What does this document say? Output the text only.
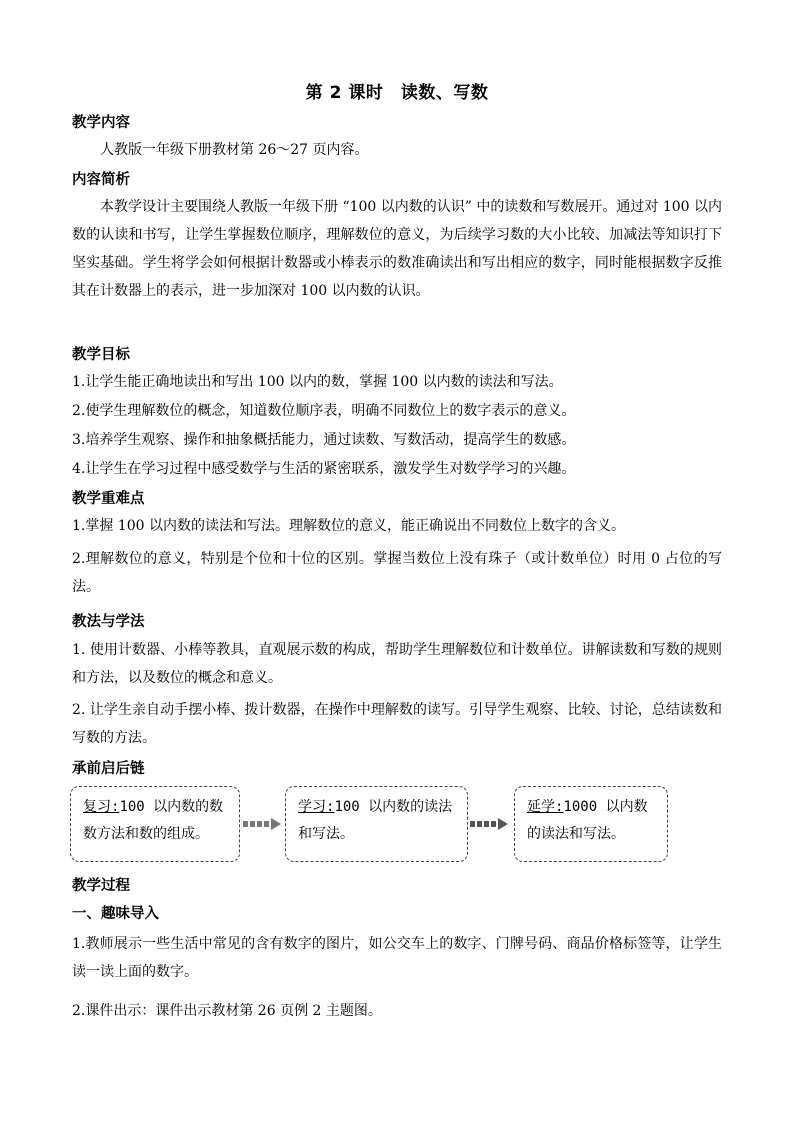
第 2 课时　读数、写数
教学内容
人教版一年级下册教材第 26～27 页内容。
内容简析
本教学设计主要围绕人教版一年级下册 “100 以内数的认识” 中的读数和写数展开。通过对 100 以内数的认读和书写，让学生掌握数位顺序，理解数位的意义，为后续学习数的大小比较、加减法等知识打下坚实基础。学生将学会如何根据计数器或小棒表示的数准确读出和写出相应的数字，同时能根据数字反推其在计数器上的表示，进一步加深对 100 以内数的认识。
教学目标
1.让学生能正确地读出和写出 100 以内的数，掌握 100 以内数的读法和写法。
2.使学生理解数位的概念，知道数位顺序表，明确不同数位上的数字表示的意义。
3.培养学生观察、操作和抽象概括能力，通过读数、写数活动，提高学生的数感。
4.让学生在学习过程中感受数学与生活的紧密联系，激发学生对数学学习的兴趣。
教学重难点
1.掌握 100 以内数的读法和写法。理解数位的意义，能正确说出不同数位上数字的含义。
2.理解数位的意义，特别是个位和十位的区别。掌握当数位上没有珠子（或计数单位）时用 0 占位的写法。
教法与学法
1. 使用计数器、小棒等教具，直观展示数的构成，帮助学生理解数位和计数单位。讲解读数和写数的规则和方法，以及数位的概念和意义。
2. 让学生亲自动手摆小棒、拨计数器，在操作中理解数的读写。引导学生观察、比较、讨论，总结读数和写数的方法。
承前启后链
复习:100 以内数的数
数方法和数的组成。
学习:100 以内数的读法
和写法。
延学:1000 以内数
的读法和写法。
教学过程
一、趣味导入
1.教师展示一些生活中常见的含有数字的图片，如公交车上的数字、门牌号码、商品价格标签等，让学生读一读上面的数字。
2.课件出示：课件出示教材第 26 页例 2 主题图。
